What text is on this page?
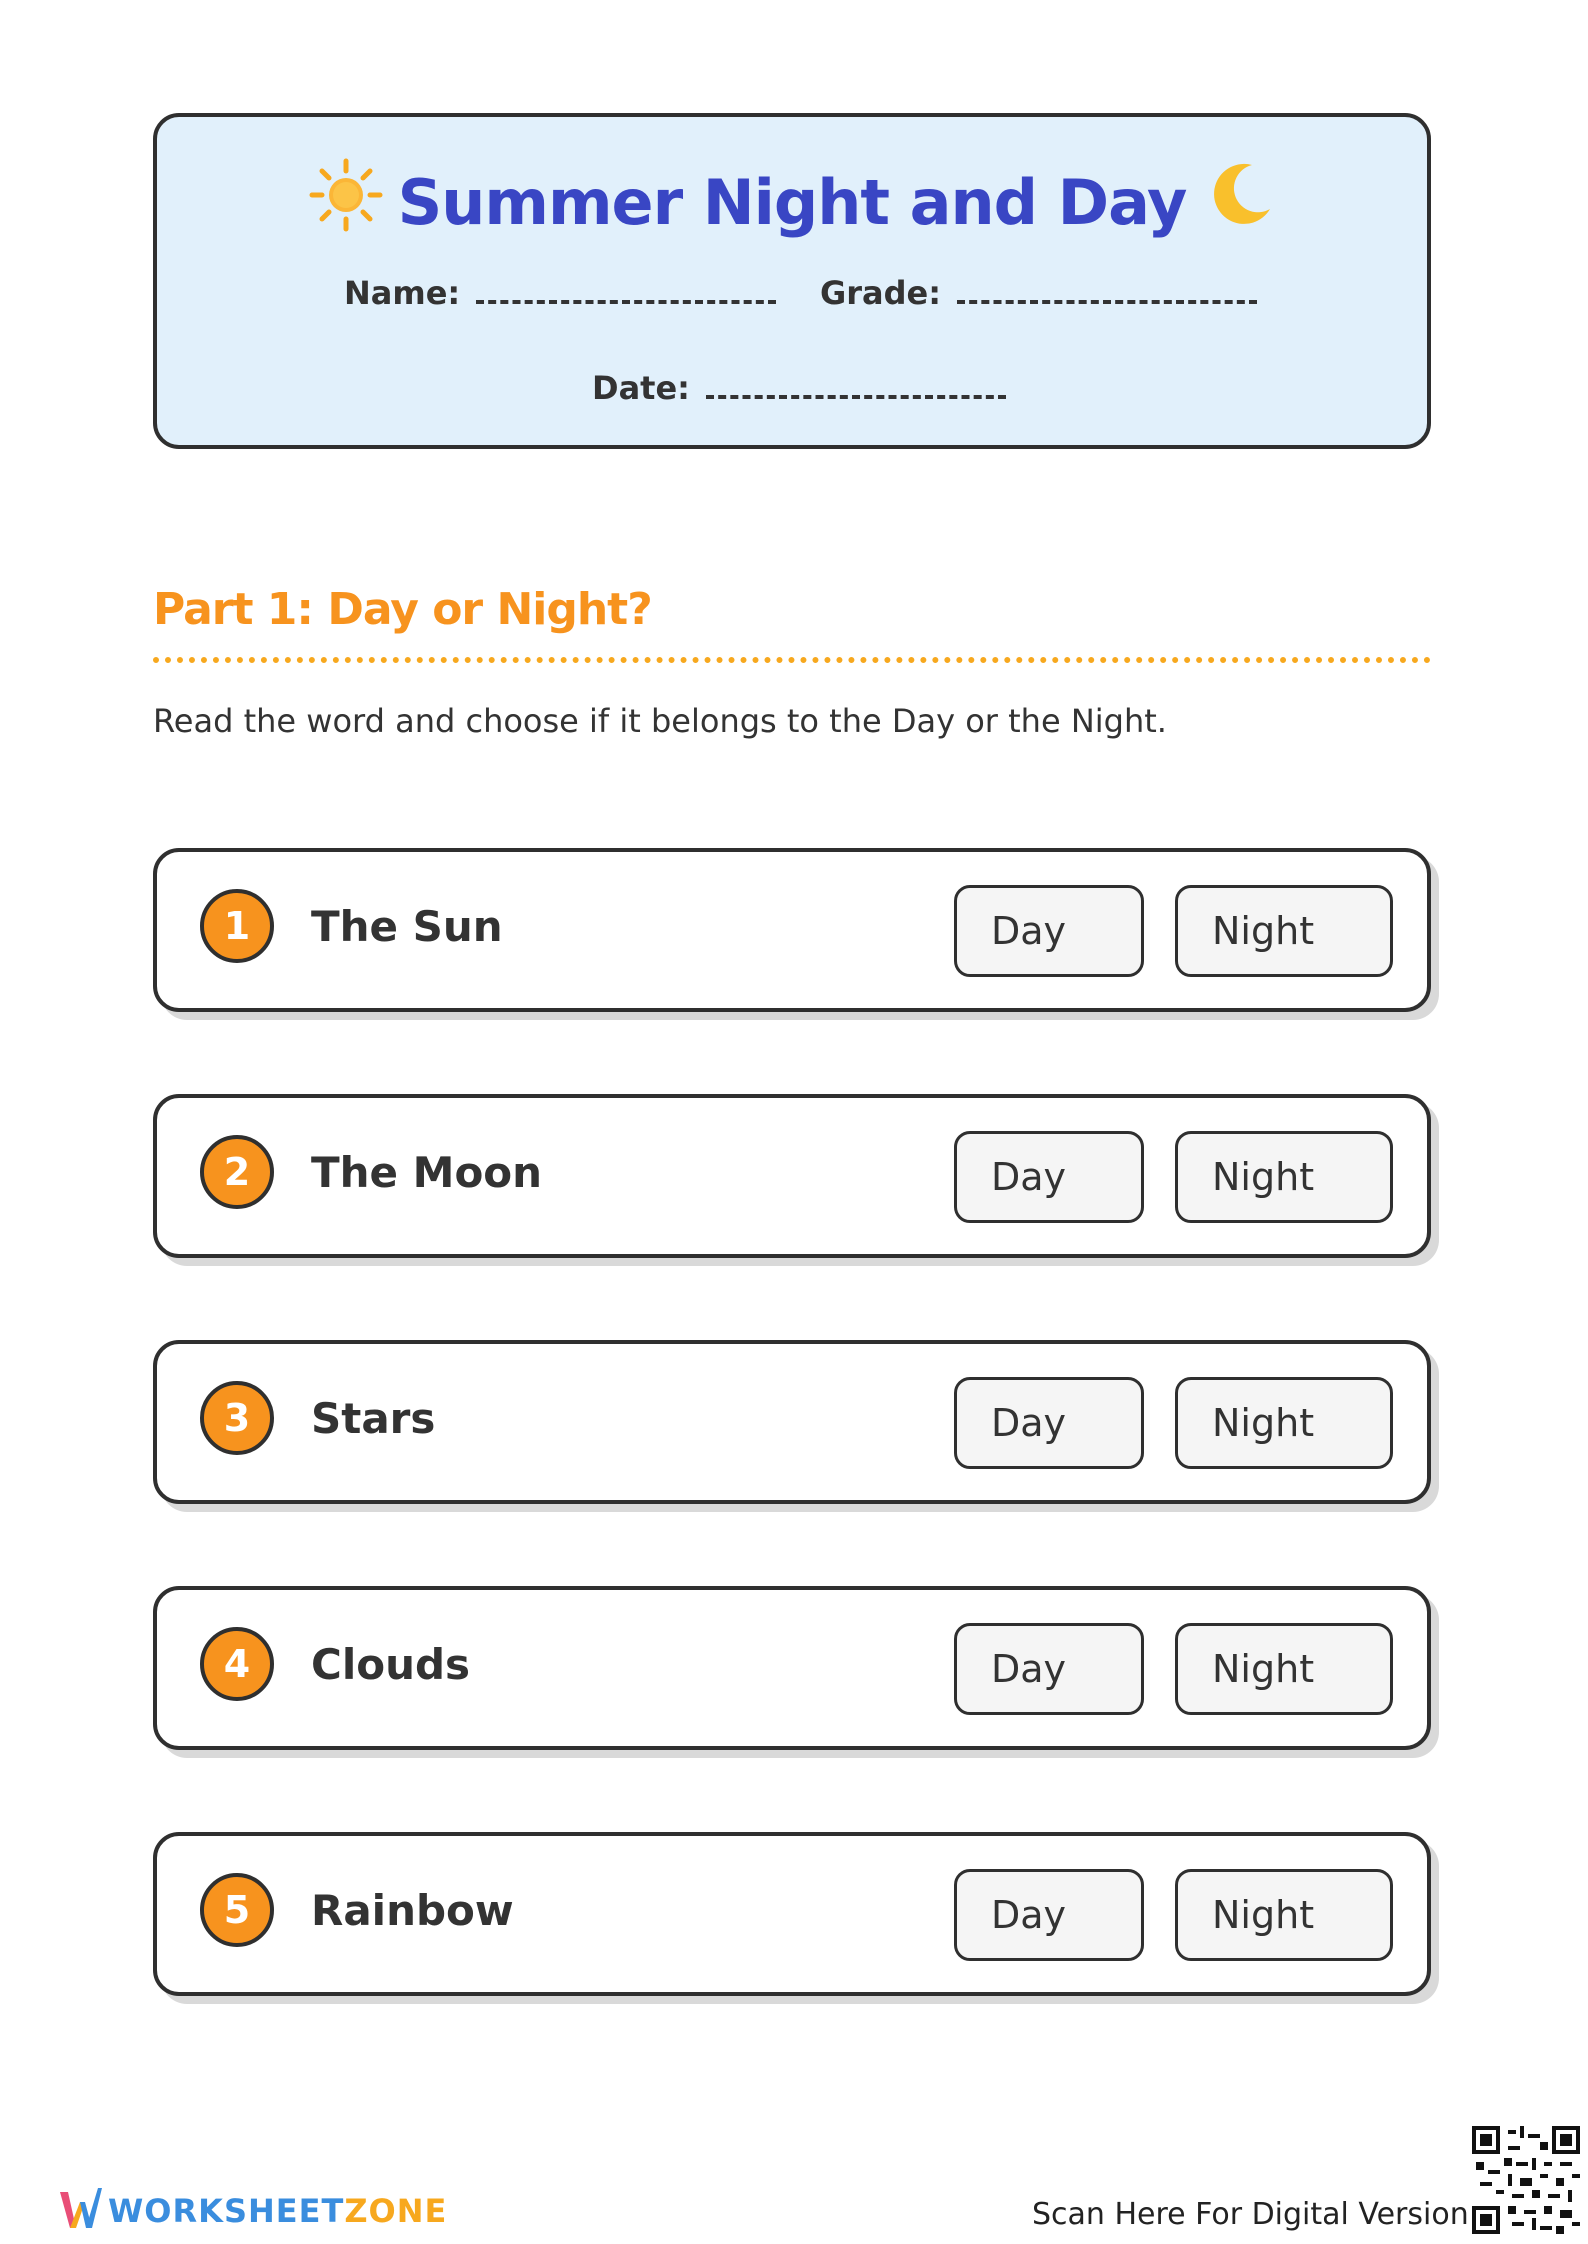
Summer Night and Day
Name:	Grade:
Date:
Part 1: Day or Night?
Read the word and choose if it belongs to the Day or the Night.
1	The Sun	Day	Night
2	The Moon	Day	Night
3	Stars	Day	Night
4	Clouds	Day	Night
5	Rainbow	Day	Night
WORKSHEETZONE	Scan Here For Digital Version
